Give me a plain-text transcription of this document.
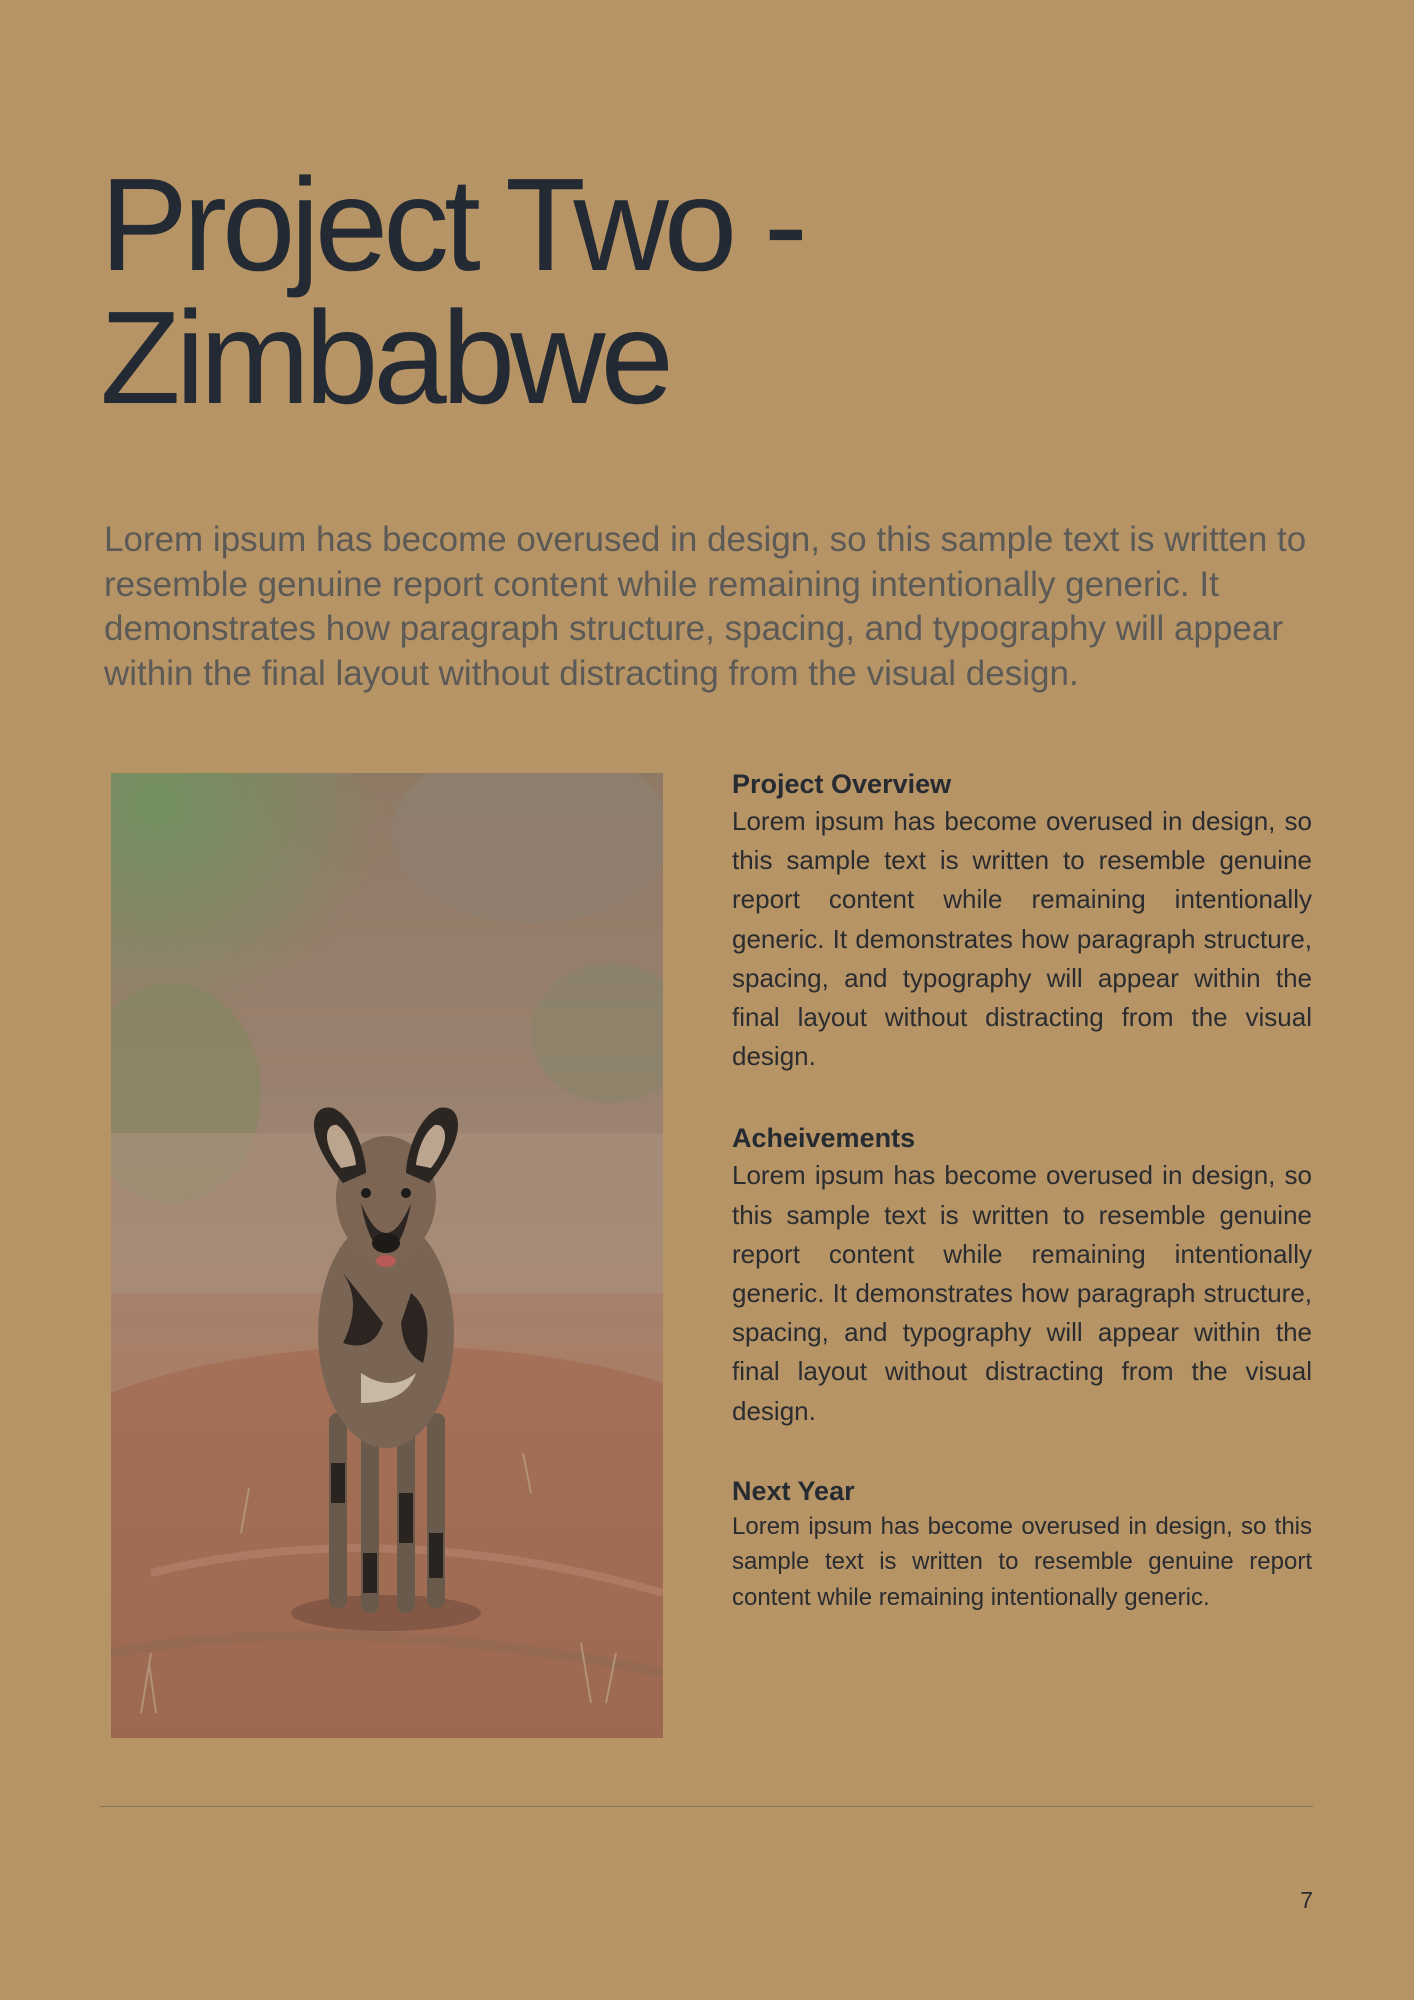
Project Two -
Zimbabwe

Lorem ipsum has become overused in design, so this sample text is written to resemble genuine report content while remaining intentionally generic. It demonstrates how paragraph structure, spacing, and typography will appear within the final layout without distracting from the visual design.

Project Overview

Lorem ipsum has become overused in design, so this sample text is written to resemble genuine report content while remaining intentionally generic. It demonstrates how paragraph structure, spacing, and typography will appear within the final layout without distracting from the visual design.

Acheivements

Lorem ipsum has become overused in design, so this sample text is written to resemble genuine report content while remaining intentionally generic. It demonstrates how paragraph structure, spacing, and typography will appear within the final layout without distracting from the visual design.

Next Year

Lorem ipsum has become overused in design, so this sample text is written to resemble genuine report content while remaining intentionally generic.

7
